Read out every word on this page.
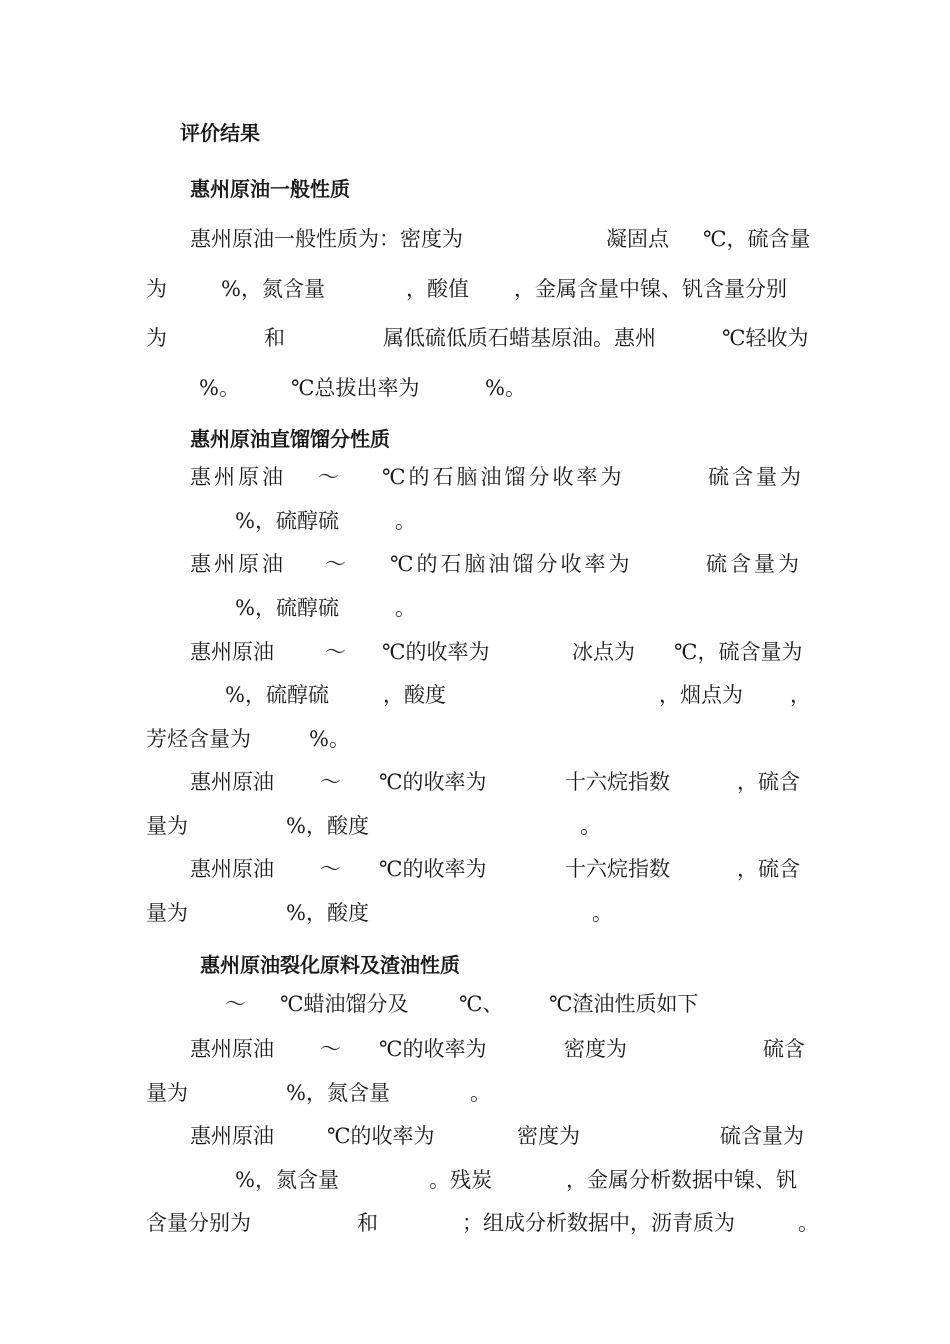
评价结果
惠州原油一般性质
惠州原油一般性质为：密度为	凝固点 ℃，硫含量
为	%，氮含量	，酸值 ，金属含量中镍、钒含量分别
为	和	属低硫低质石蜡基原油。惠州	℃轻收为
%。 ℃总拔出率为	%。
惠州原油直馏馏分性质
惠州原油 ～ ℃的石脑油馏分收率为	硫含量为
%，硫醇硫	。
惠州原油 ～ ℃的石脑油馏分收率为	硫含量为
%，硫醇硫	。
惠州原油 ～ ℃的收率为	冰点为 ℃，硫含量为
%，硫醇硫	，酸度	，烟点为 ，
芳烃含量为	%。
惠州原油 ～ ℃的收率为	十六烷指数	，硫含
量为	%，酸度	。
惠州原油 ～ ℃的收率为	十六烷指数	，硫含
量为	%，酸度	。
惠州原油裂化原料及渣油性质
～ ℃蜡油馏分及 ℃、 ℃渣油性质如下
惠州原油 ～ ℃的收率为	密度为	硫含
量为	%，氮含量	。
惠州原油	℃的收率为	密度为	硫含量为
%，氮含量	。残炭	，金属分析数据中镍、钒
含量分别为	和	；组成分析数据中，沥青质为	。
